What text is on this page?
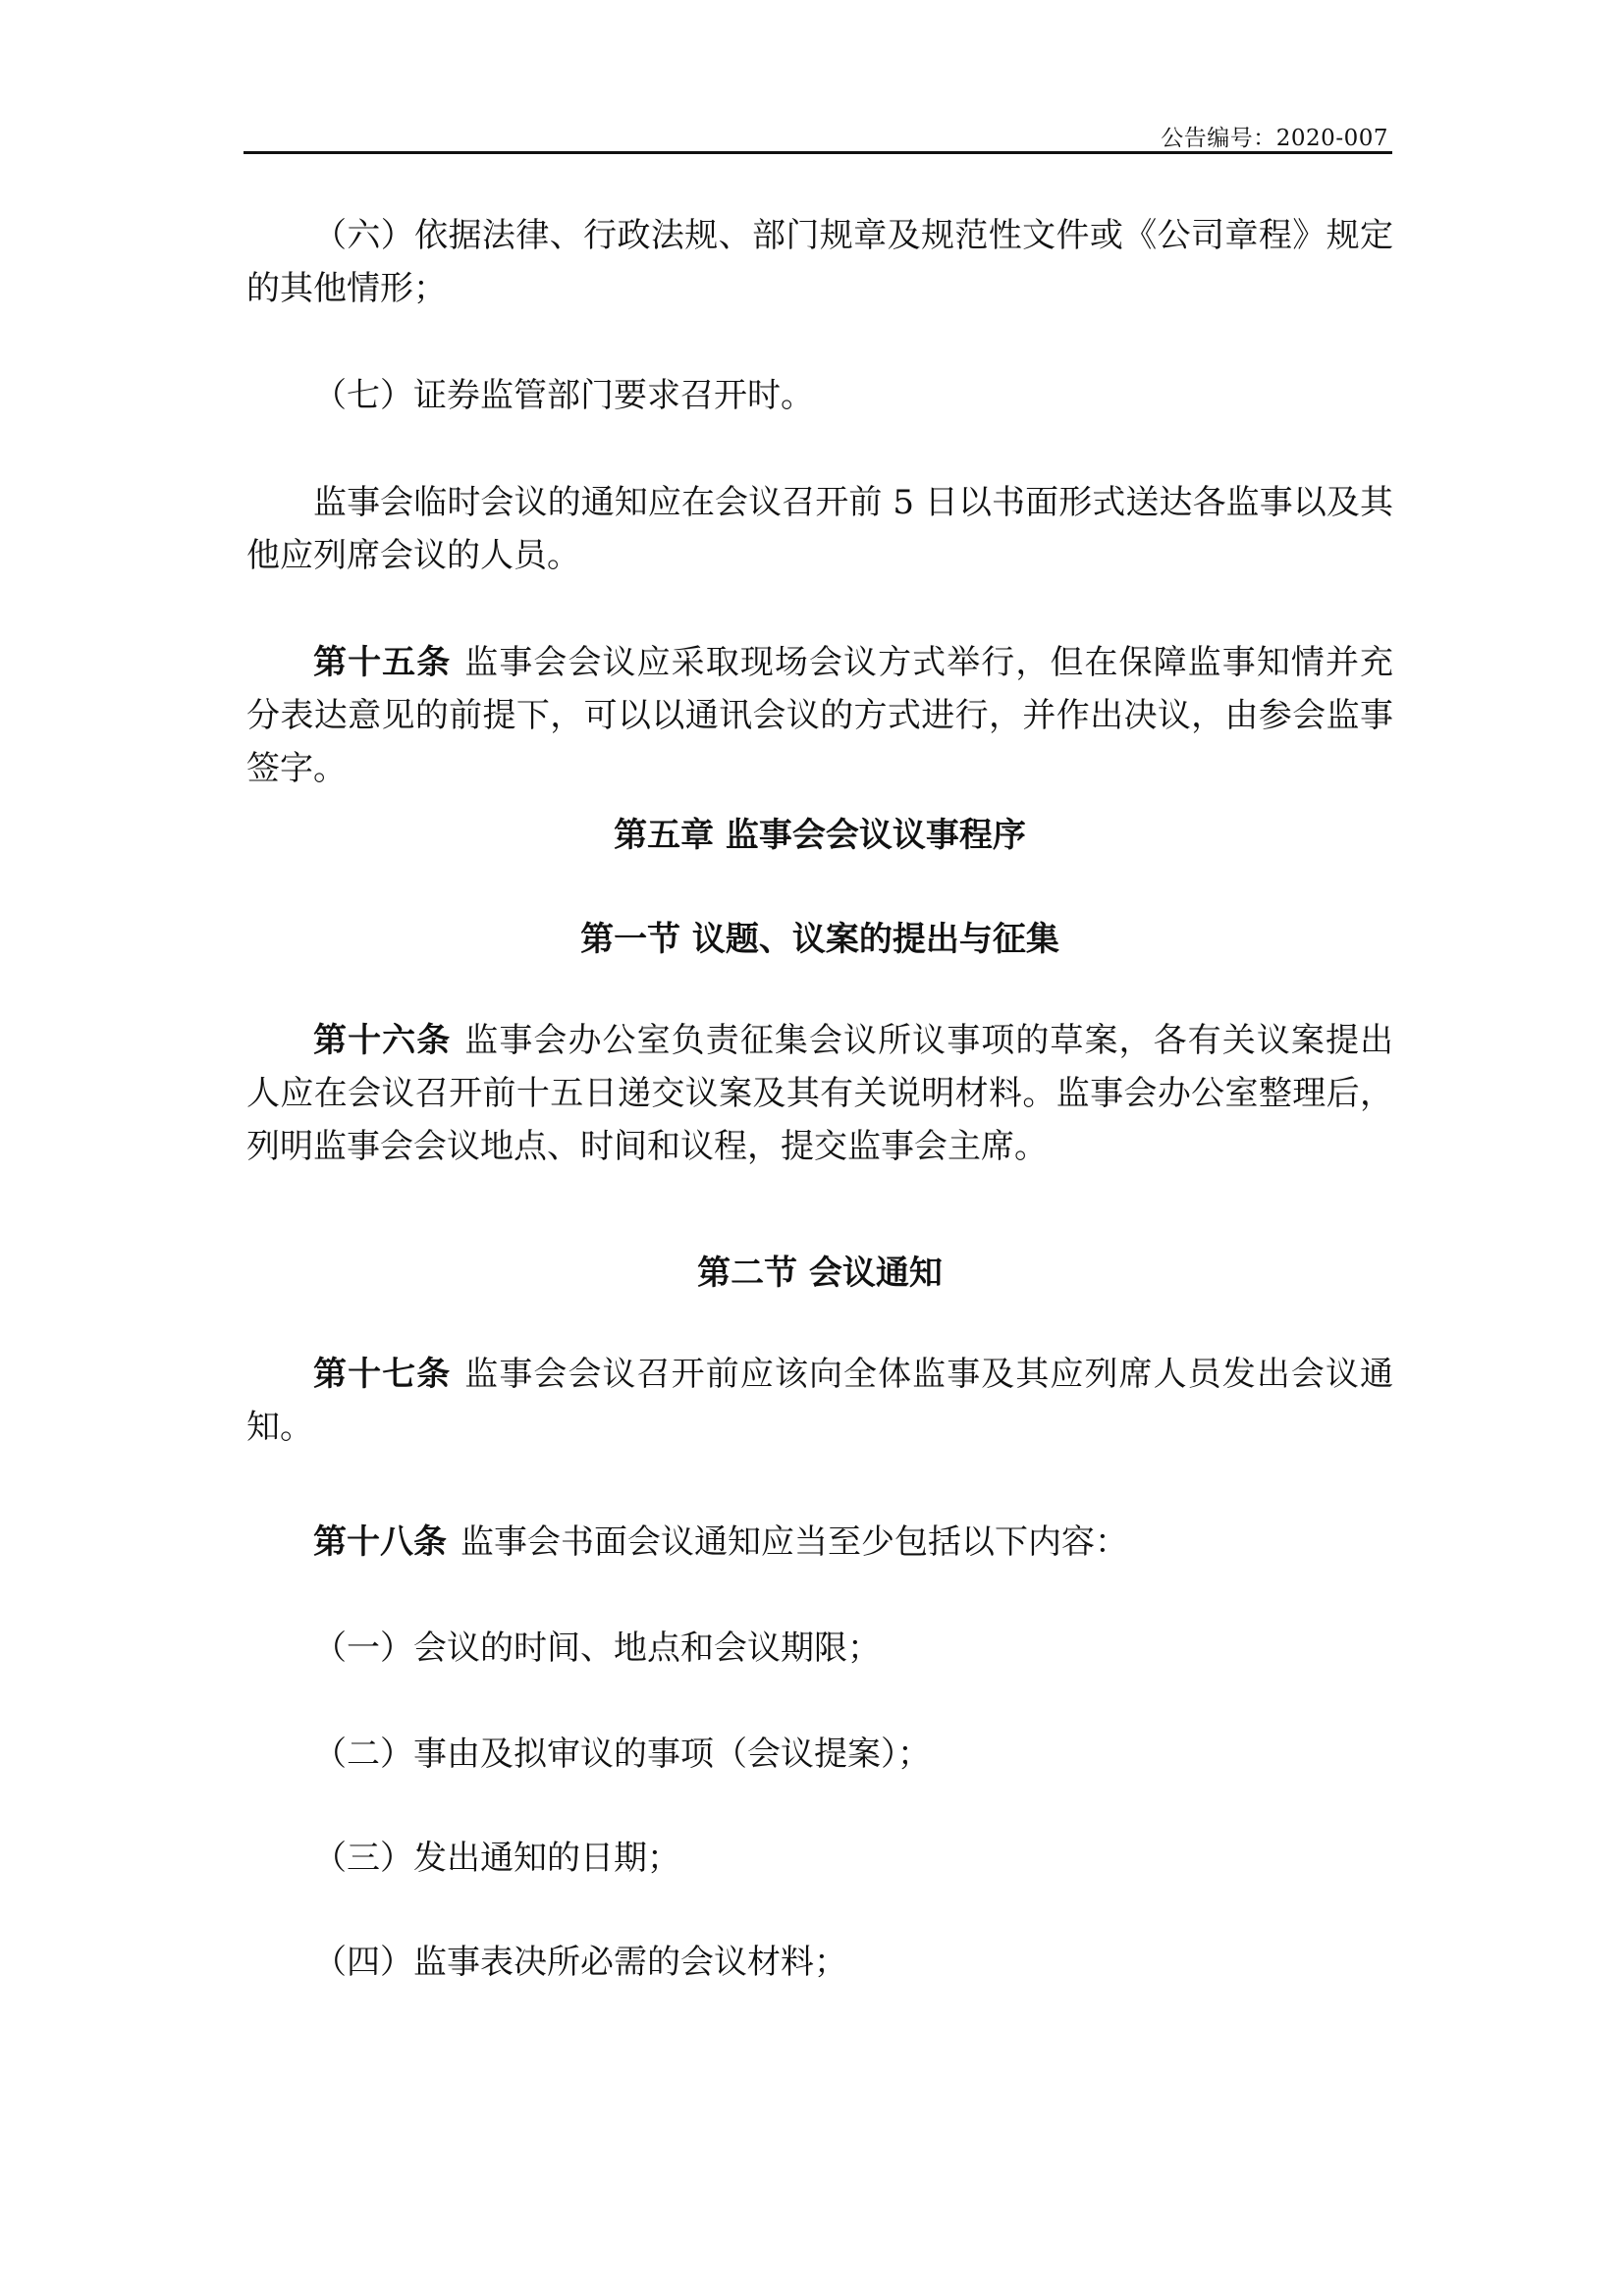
公告编号：2020-007

（六）依据法律、行政法规、部门规章及规范性文件或《公司章程》规定的其他情形；

（七）证券监管部门要求召开时。

监事会临时会议的通知应在会议召开前 5 日以书面形式送达各监事以及其他应列席会议的人员。

第十五条 监事会会议应采取现场会议方式举行，但在保障监事知情并充分表达意见的前提下，可以以通讯会议的方式进行，并作出决议，由参会监事签字。

第五章 监事会会议议事程序

第一节 议题、议案的提出与征集

第十六条 监事会办公室负责征集会议所议事项的草案，各有关议案提出人应在会议召开前十五日递交议案及其有关说明材料。监事会办公室整理后，列明监事会会议地点、时间和议程，提交监事会主席。

第二节 会议通知

第十七条 监事会会议召开前应该向全体监事及其应列席人员发出会议通知。

第十八条 监事会书面会议通知应当至少包括以下内容：

（一）会议的时间、地点和会议期限；

（二）事由及拟审议的事项（会议提案）；

（三）发出通知的日期；

（四）监事表决所必需的会议材料；
